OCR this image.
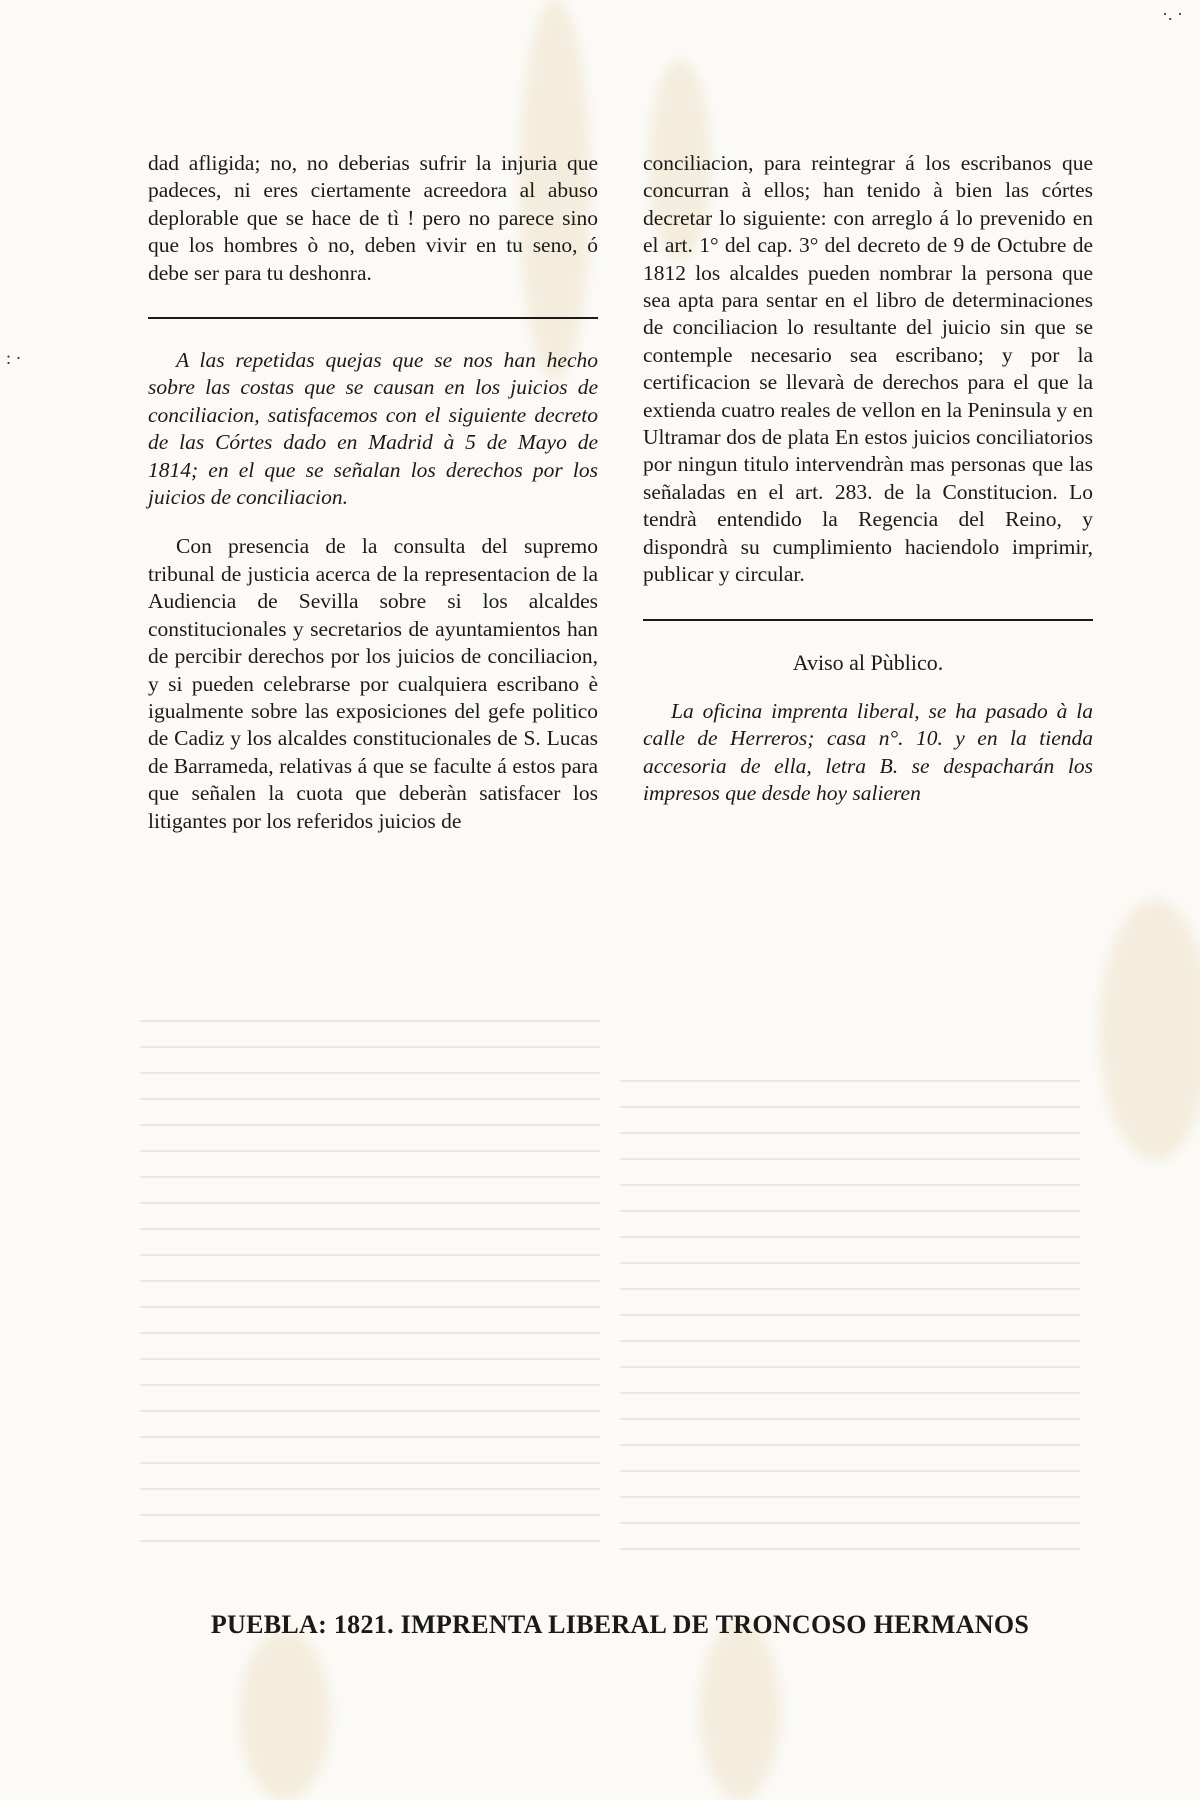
: ·
·. ·

dad afligida; no, no deberias sufrir la injuria que padeces, ni eres ciertamente acreedora al abuso deplorable que se hace de tì ! pero no parece sino que los hombres ò no, deben vivir en tu seno, ó debe ser para tu deshonra.

A las repetidas quejas que se nos han hecho sobre las costas que se causan en los juicios de conciliacion, satisfacemos con el siguiente decreto de las Córtes dado en Madrid à 5 de Mayo de 1814; en el que se señalan los derechos por los juicios de conciliacion.

Con presencia de la consulta del supremo tribunal de justicia acerca de la representacion de la Audiencia de Sevilla sobre si los alcaldes constitucionales y secretarios de ayuntamientos han de percibir derechos por los juicios de conciliacion, y si pueden celebrarse por cualquiera escribano è igualmente sobre las exposiciones del gefe politico de Cadiz y los alcaldes constitucionales de S. Lucas de Barrameda, relativas á que se faculte á estos para que señalen la cuota que deberàn satisfacer los litigantes por los referidos juicios de

conciliacion, para reintegrar á los escribanos que concurran à ellos; han tenido à bien las córtes decretar lo siguiente: con arreglo á lo prevenido en el art. 1° del cap. 3° del decreto de 9 de Octubre de 1812 los alcaldes pueden nombrar la persona que sea apta para sentar en el libro de determinaciones de conciliacion lo resultante del juicio sin que se contemple necesario sea escribano; y por la certificacion se llevarà de derechos para el que la extienda cuatro reales de vellon en la Peninsula y en Ultramar dos de plata En estos juicios conciliatorios por ningun titulo intervendràn mas personas que las señaladas en el art. 283. de la Constitucion. Lo tendrà entendido la Regencia del Reino, y dispondrà su cumplimiento haciendolo imprimir, publicar y circular.

Aviso al Pùblico.

La oficina imprenta liberal, se ha pasado à la calle de Herreros; casa n°. 10. y en la tienda accesoria de ella, letra B. se despacharán los impresos que desde hoy salieren

PUEBLA: 1821. IMPRENTA LIBERAL DE TRONCOSO HERMANOS
